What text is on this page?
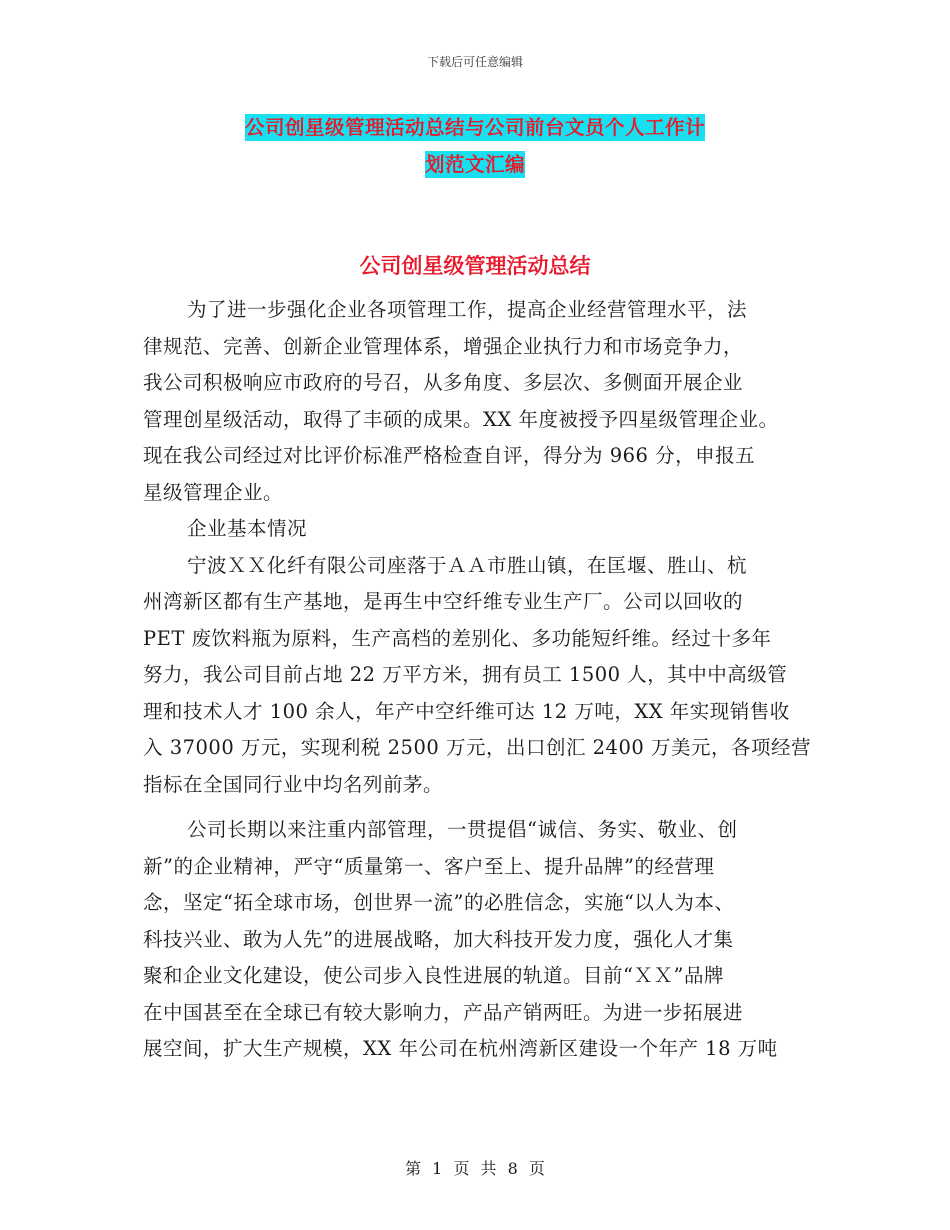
下载后可任意编辑
公司创星级管理活动总结与公司前台文员个人工作计
划范文汇编
公司创星级管理活动总结
为了进一步强化企业各项管理工作，提高企业经营管理水平，法
律规范、完善、创新企业管理体系，增强企业执行力和市场竞争力，
我公司积极响应市政府的号召，从多角度、多层次、多侧面开展企业
管理创星级活动，取得了丰硕的成果。XX 年度被授予四星级管理企业。
现在我公司经过对比评价标准严格检查自评，得分为 966 分，申报五
星级管理企业。
企业基本情况
宁波ＸＸ化纤有限公司座落于ＡＡ市胜山镇，在匡堰、胜山、杭
州湾新区都有生产基地，是再生中空纤维专业生产厂。公司以回收的
PET 废饮料瓶为原料，生产高档的差别化、多功能短纤维。经过十多年
努力，我公司目前占地 22 万平方米，拥有员工 1500 人，其中中高级管
理和技术人才 100 余人，年产中空纤维可达 12 万吨，XX 年实现销售收
入 37000 万元，实现利税 2500 万元，出口创汇 2400 万美元，各项经营
指标在全国同行业中均名列前茅。
公司长期以来注重内部管理，一贯提倡“诚信、务实、敬业、创
新”的企业精神，严守“质量第一、客户至上、提升品牌”的经营理
念，坚定“拓全球市场，创世界一流”的必胜信念，实施“以人为本、
科技兴业、敢为人先”的进展战略，加大科技开发力度，强化人才集
聚和企业文化建设，使公司步入良性进展的轨道。目前“ＸＸ”品牌
在中国甚至在全球已有较大影响力，产品产销两旺。为进一步拓展进
展空间，扩大生产规模，XX 年公司在杭州湾新区建设一个年产 18 万吨
第 1 页 共 8 页
